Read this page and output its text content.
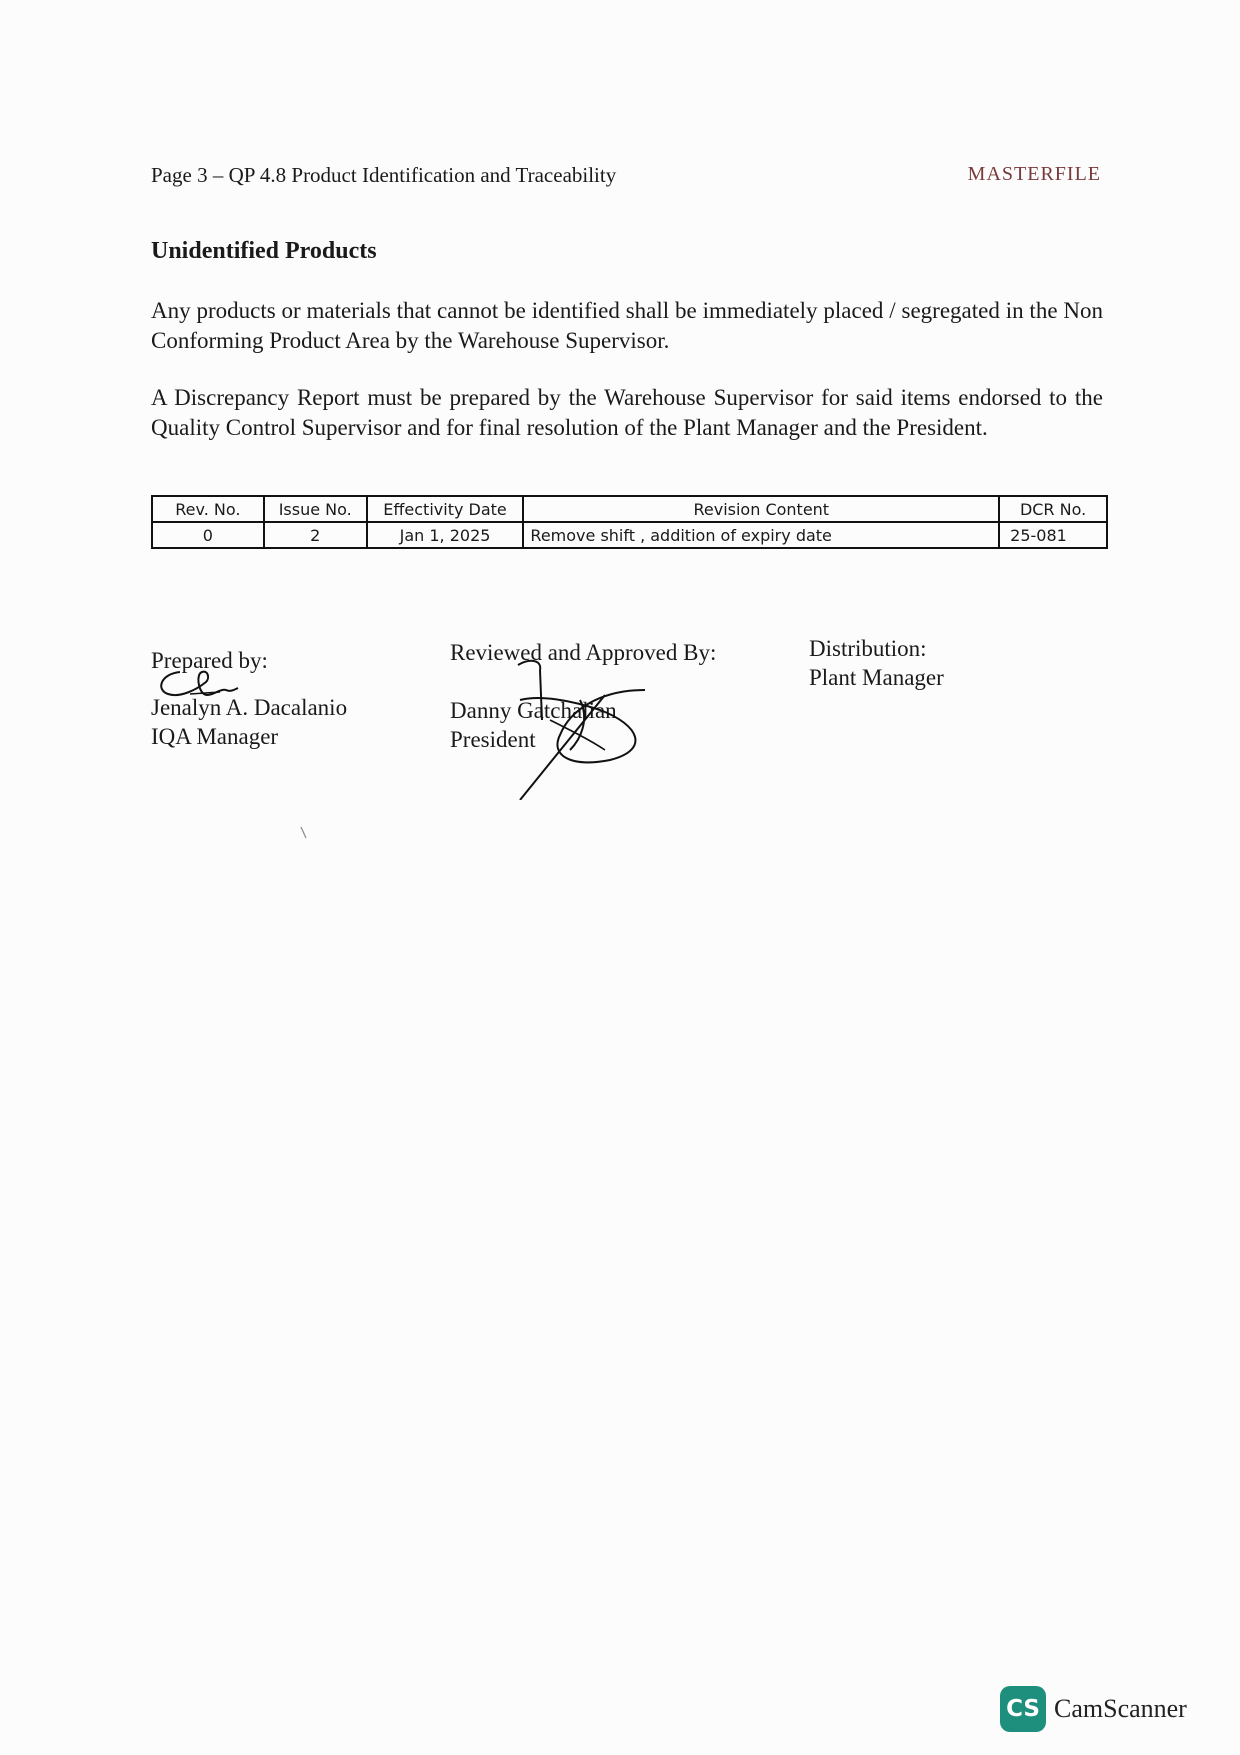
Page 3 – QP 4.8 Product Identification and Traceability	MASTERFILE
Unidentified Products
Any products or materials that cannot be identified shall be immediately placed / segregated in the Non Conforming Product Area by the Warehouse Supervisor.
A Discrepancy Report must be prepared by the Warehouse Supervisor for said items endorsed to the Quality Control Supervisor and for final resolution of the Plant Manager and the President.
Rev. No.	Issue No.	Effectivity Date	Revision Content	DCR No.
0	2	Jan 1, 2025	Remove shift , addition of expiry date	25-081
Prepared by:
Jenalyn A. Dacalanio
IQA Manager
Reviewed and Approved By:
Danny Gatchalian
President
Distribution:
Plant Manager
CS CamScanner
